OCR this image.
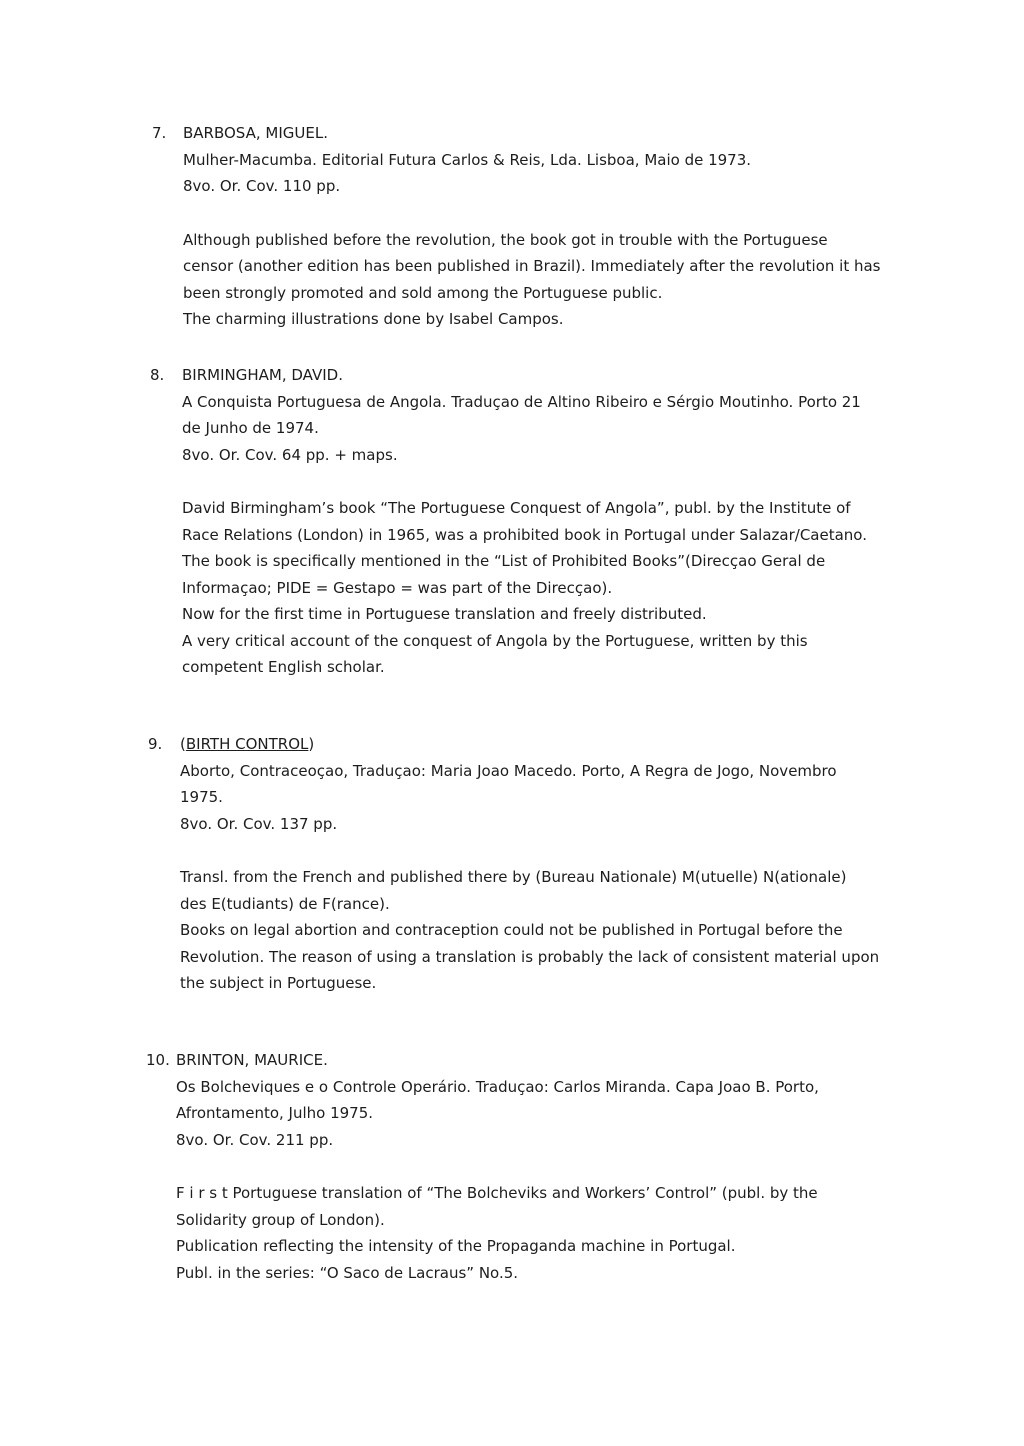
7. BARBOSA, MIGUEL.
Mulher-Macumba. Editorial Futura Carlos & Reis, Lda. Lisboa, Maio de 1973.
8vo. Or. Cov. 110 pp.
Although published before the revolution, the book got in trouble with the Portuguese
censor (another edition has been published in Brazil). Immediately after the revolution it has
been strongly promoted and sold among the Portuguese public.
The charming illustrations done by Isabel Campos.
8. BIRMINGHAM, DAVID.
A Conquista Portuguesa de Angola. Traduçao de Altino Ribeiro e Sérgio Moutinho. Porto 21
de Junho de 1974.
8vo. Or. Cov. 64 pp. + maps.
David Birmingham’s book “The Portuguese Conquest of Angola”, publ. by the Institute of
Race Relations (London) in 1965, was a prohibited book in Portugal under Salazar/Caetano.
The book is specifically mentioned in the “List of Prohibited Books”(Direcçao Geral de
Informaçao; PIDE = Gestapo = was part of the Direcçao).
Now for the first time in Portuguese translation and freely distributed.
A very critical account of the conquest of Angola by the Portuguese, written by this
competent English scholar.
9. (BIRTH CONTROL)
Aborto, Contraceoçao, Traduçao: Maria Joao Macedo. Porto, A Regra de Jogo, Novembro
1975.
8vo. Or. Cov. 137 pp.
Transl. from the French and published there by (Bureau Nationale) M(utuelle) N(ationale)
des E(tudiants) de F(rance).
Books on legal abortion and contraception could not be published in Portugal before the
Revolution. The reason of using a translation is probably the lack of consistent material upon
the subject in Portuguese.
10. BRINTON, MAURICE.
Os Bolcheviques e o Controle Operário. Traduçao: Carlos Miranda. Capa Joao B. Porto,
Afrontamento, Julho 1975.
8vo. Or. Cov. 211 pp.
F i r s t Portuguese translation of “The Bolcheviks and Workers’ Control” (publ. by the
Solidarity group of London).
Publication reflecting the intensity of the Propaganda machine in Portugal.
Publ. in the series: “O Saco de Lacraus” No.5.
